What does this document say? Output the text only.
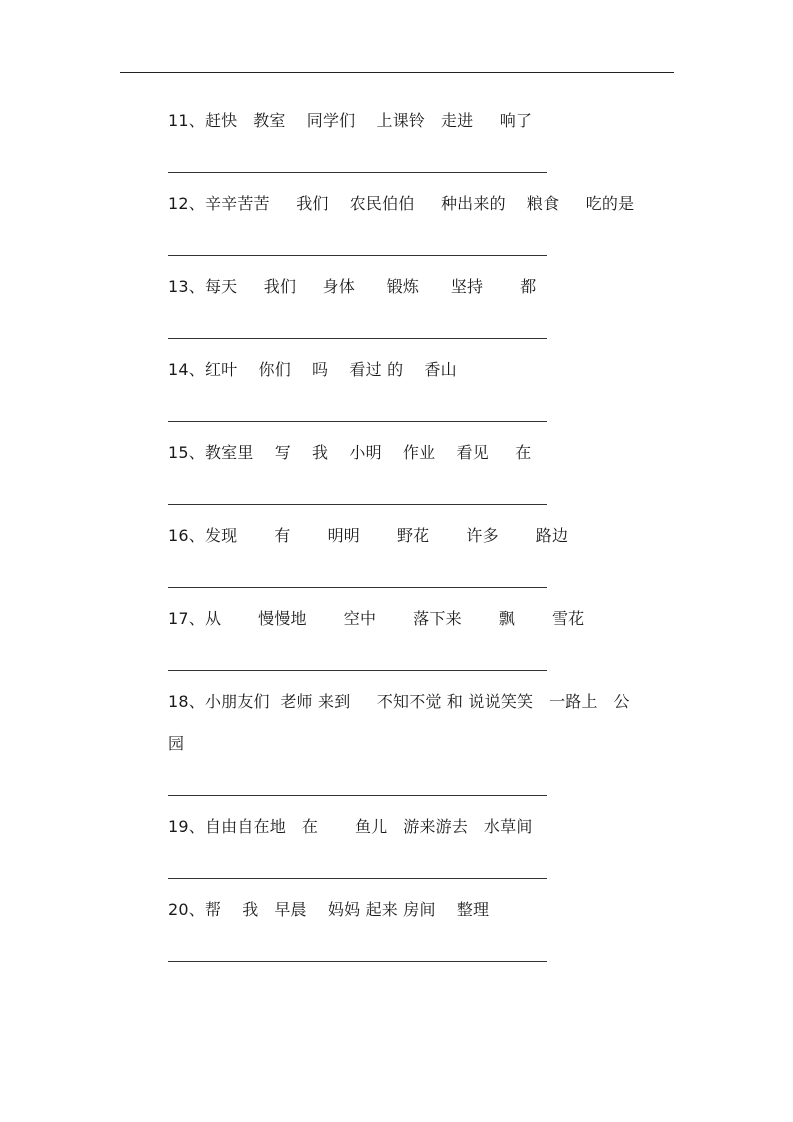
11、赶快   教室    同学们    上课铃   走进     响了
12、辛辛苦苦     我们    农民伯伯     种出来的    粮食     吃的是
13、每天     我们     身体      锻炼      坚持       都
14、红叶    你们    吗    看过 的    香山
15、教室里    写    我    小明    作业    看见     在
16、发现       有       明明       野花       许多       路边
17、从       慢慢地       空中       落下来       飘       雪花
18、小朋友们  老师 来到     不知不觉 和 说说笑笑   一路上   公
园
19、自由自在地   在       鱼儿   游来游去   水草间
20、帮    我   早晨    妈妈 起来 房间    整理
